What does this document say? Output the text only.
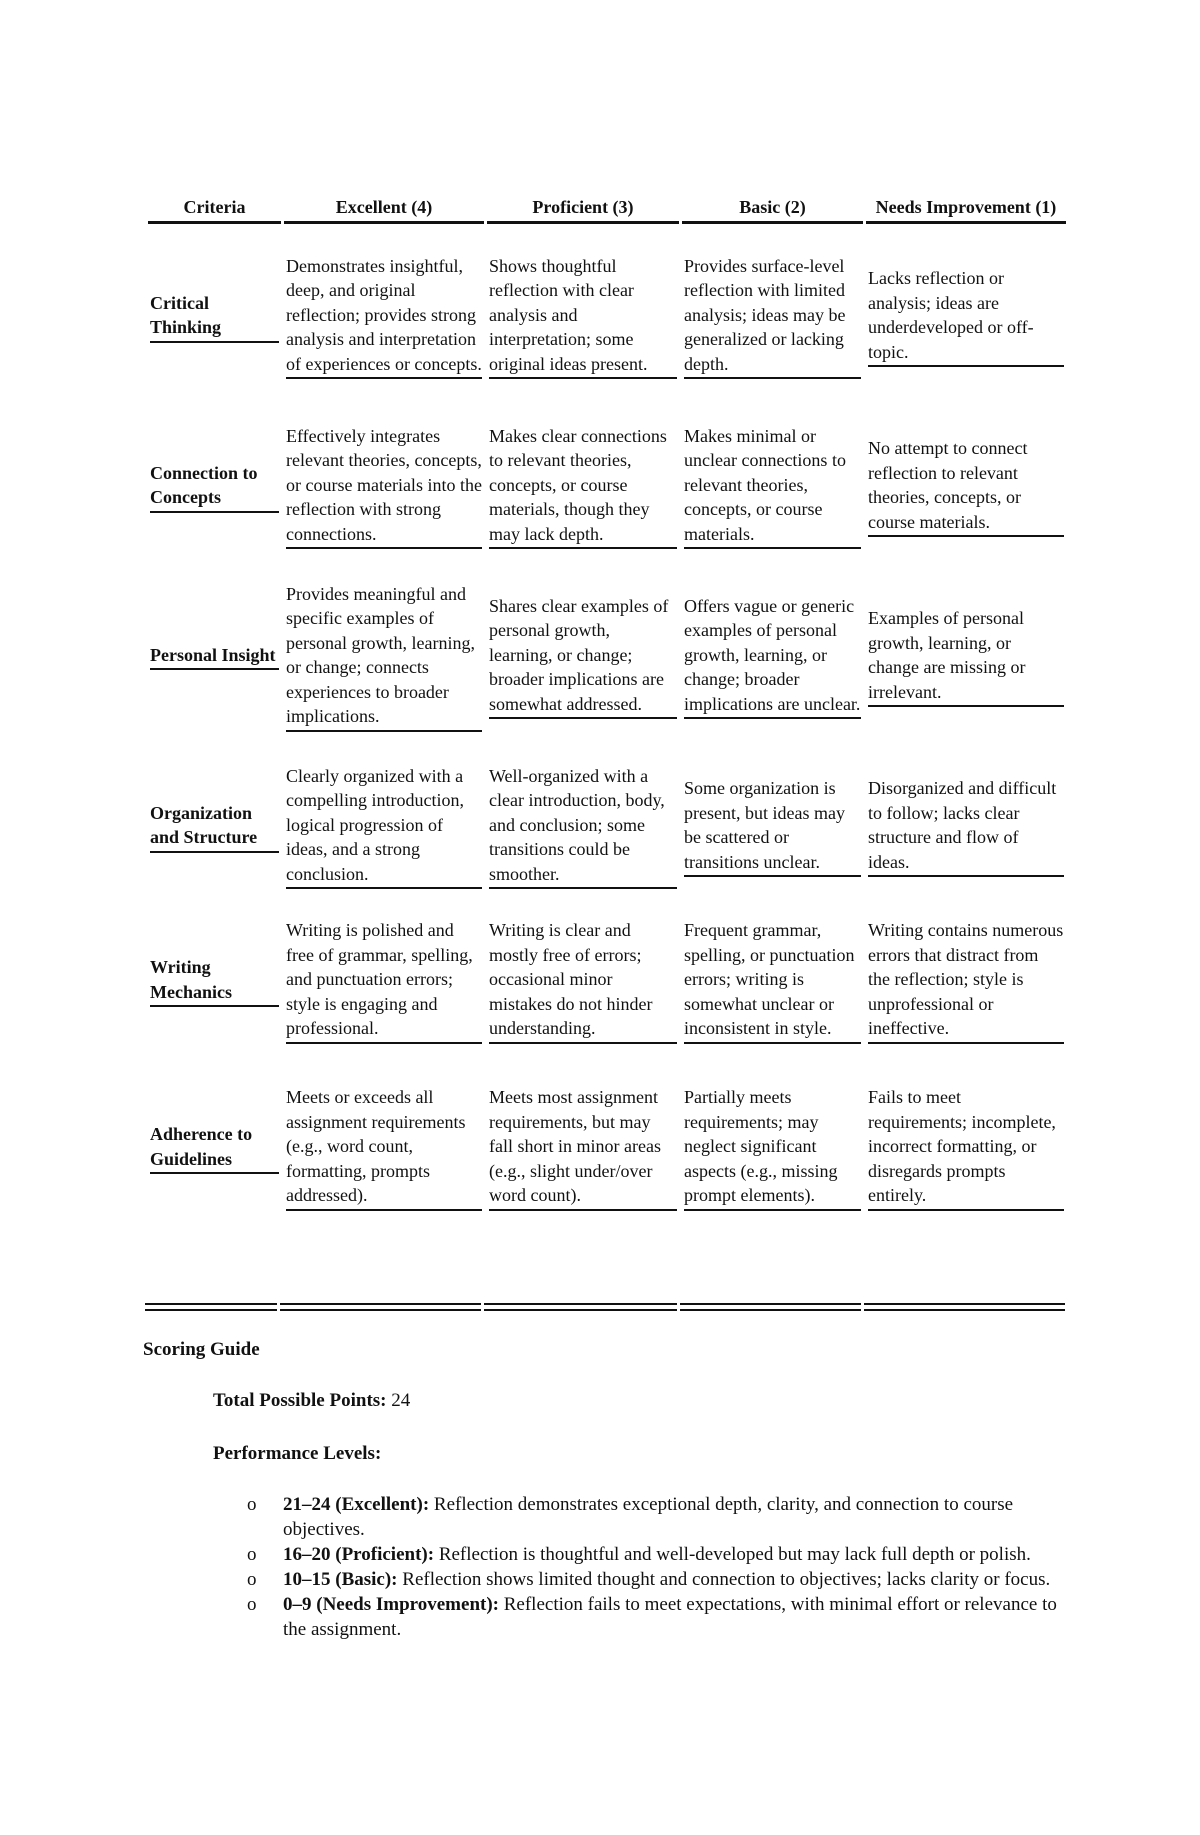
Criteria	Excellent (4)	Proficient (3)	Basic (2)	Needs Improvement (1)
Critical Thinking	Demonstrates insightful, deep, and original reflection; provides strong analysis and interpretation of experiences or concepts.	Shows thoughtful reflection with clear analysis and interpretation; some original ideas present.	Provides surface-level reflection with limited analysis; ideas may be generalized or lacking depth.	Lacks reflection or analysis; ideas are underdeveloped or off-topic.
Connection to Concepts	Effectively integrates relevant theories, concepts, or course materials into the reflection with strong connections.	Makes clear connections to relevant theories, concepts, or course materials, though they may lack depth.	Makes minimal or unclear connections to relevant theories, concepts, or course materials.	No attempt to connect reflection to relevant theories, concepts, or course materials.
Personal Insight	Provides meaningful and specific examples of personal growth, learning, or change; connects experiences to broader implications.	Shares clear examples of personal growth, learning, or change; broader implications are somewhat addressed.	Offers vague or generic examples of personal growth, learning, or change; broader implications are unclear.	Examples of personal growth, learning, or change are missing or irrelevant.
Organization and Structure	Clearly organized with a compelling introduction, logical progression of ideas, and a strong conclusion.	Well-organized with a clear introduction, body, and conclusion; some transitions could be smoother.	Some organization is present, but ideas may be scattered or transitions unclear.	Disorganized and difficult to follow; lacks clear structure and flow of ideas.
Writing Mechanics	Writing is polished and free of grammar, spelling, and punctuation errors; style is engaging and professional.	Writing is clear and mostly free of errors; occasional minor mistakes do not hinder understanding.	Frequent grammar, spelling, or punctuation errors; writing is somewhat unclear or inconsistent in style.	Writing contains numerous errors that distract from the reflection; style is unprofessional or ineffective.
Adherence to Guidelines	Meets or exceeds all assignment requirements (e.g., word count, formatting, prompts addressed).	Meets most assignment requirements, but may fall short in minor areas (e.g., slight under/over word count).	Partially meets requirements; may neglect significant aspects (e.g., missing prompt elements).	Fails to meet requirements; incomplete, incorrect formatting, or disregards prompts entirely.
Scoring Guide
Total Possible Points: 24
Performance Levels:
o 21–24 (Excellent): Reflection demonstrates exceptional depth, clarity, and connection to course objectives.
o 16–20 (Proficient): Reflection is thoughtful and well-developed but may lack full depth or polish.
o 10–15 (Basic): Reflection shows limited thought and connection to objectives; lacks clarity or focus.
o 0–9 (Needs Improvement): Reflection fails to meet expectations, with minimal effort or relevance to the assignment.
